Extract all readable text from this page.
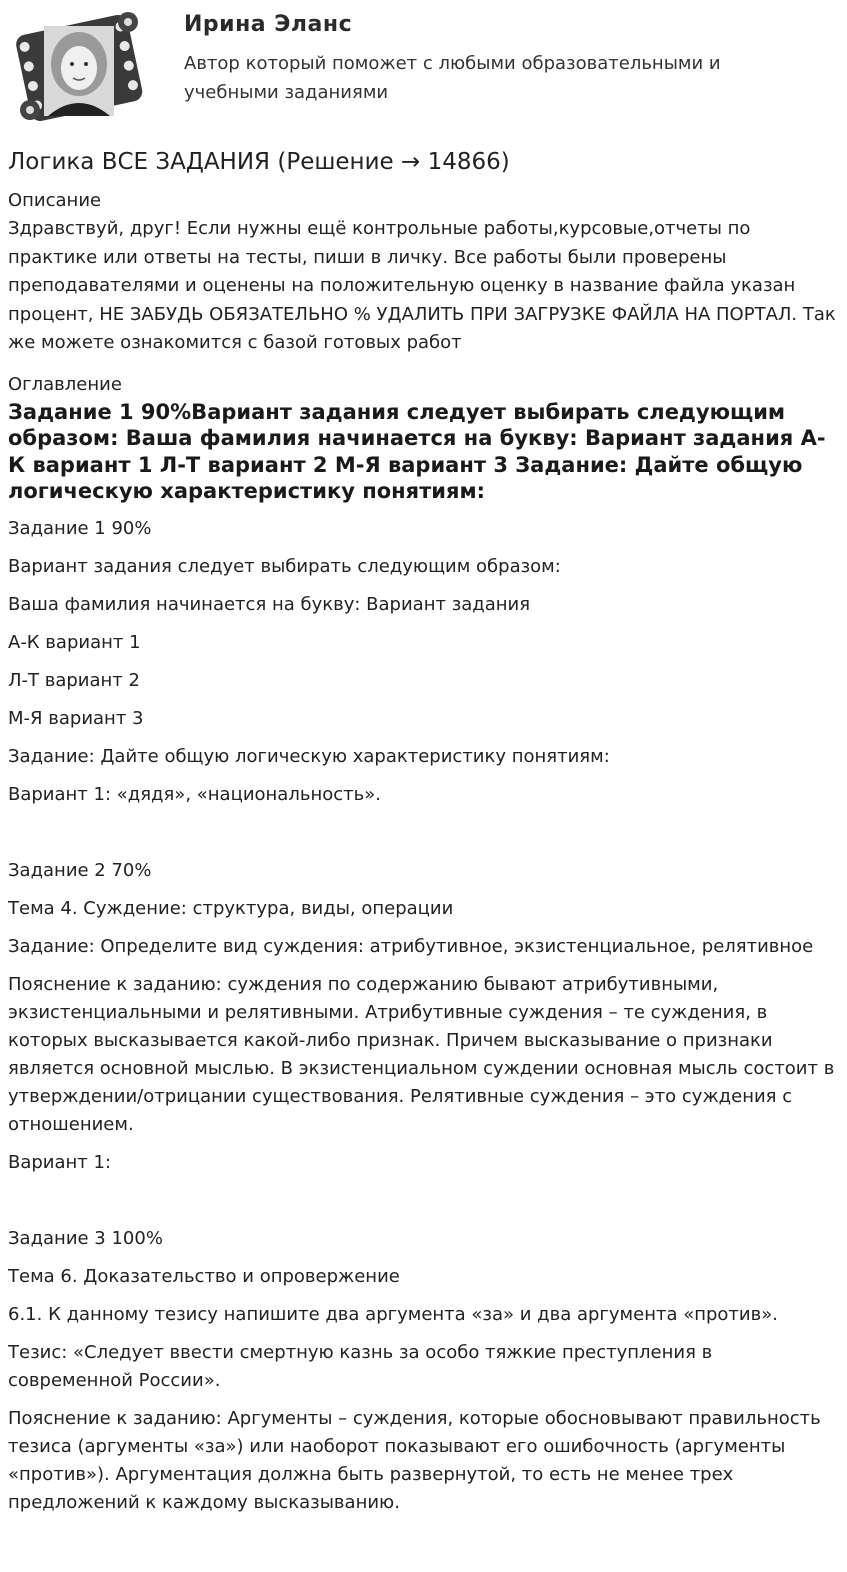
Ирина Эланс
Автор который поможет с любыми образовательными и учебными заданиями
Логика ВСЕ ЗАДАНИЯ (Решение → 14866)
Описание
Здравствуй, друг! Если нужны ещё контрольные работы,курсовые,отчеты по практике или ответы на тесты, пиши в личку. Все работы были проверены преподавателями и оценены на положительную оценку в название файла указан процент, НЕ ЗАБУДЬ ОБЯЗАТЕЛЬНО % УДАЛИТЬ ПРИ ЗАГРУЗКЕ ФАЙЛА НА ПОРТАЛ. Так же можете ознакомится с базой готовых работ
Оглавление
Задание 1 90%Вариант задания следует выбирать следующим образом: Ваша фамилия начинается на букву: Вариант задания А-К вариант 1 Л-Т вариант 2 М-Я вариант 3 Задание: Дайте общую логическую характеристику понятиям:
Задание 1 90%
Вариант задания следует выбирать следующим образом:
Ваша фамилия начинается на букву: Вариант задания
А-К вариант 1
Л-Т вариант 2
М-Я вариант 3
Задание: Дайте общую логическую характеристику понятиям:
Вариант 1: «дядя», «национальность».
Задание 2 70%
Тема 4. Суждение: структура, виды, операции
Задание: Определите вид суждения: атрибутивное, экзистенциальное, релятивное
Пояснение к заданию: суждения по содержанию бывают атрибутивными, экзистенциальными и релятивными. Атрибутивные суждения – те суждения, в которых высказывается какой-либо признак. Причем высказывание о признаки является основной мыслью. В экзистенциальном суждении основная мысль состоит в утверждении/отрицании существования. Релятивные суждения – это суждения с отношением.
Вариант 1:
Задание 3 100%
Тема 6. Доказательство и опровержение
6.1. К данному тезису напишите два аргумента «за» и два аргумента «против».
Тезис: «Следует ввести смертную казнь за особо тяжкие преступления в современной России».
Пояснение к заданию: Аргументы – суждения, которые обосновывают правильность тезиса (аргументы «за») или наоборот показывают его ошибочность (аргументы «против»). Аргументация должна быть развернутой, то есть не менее трех предложений к каждому высказыванию.
